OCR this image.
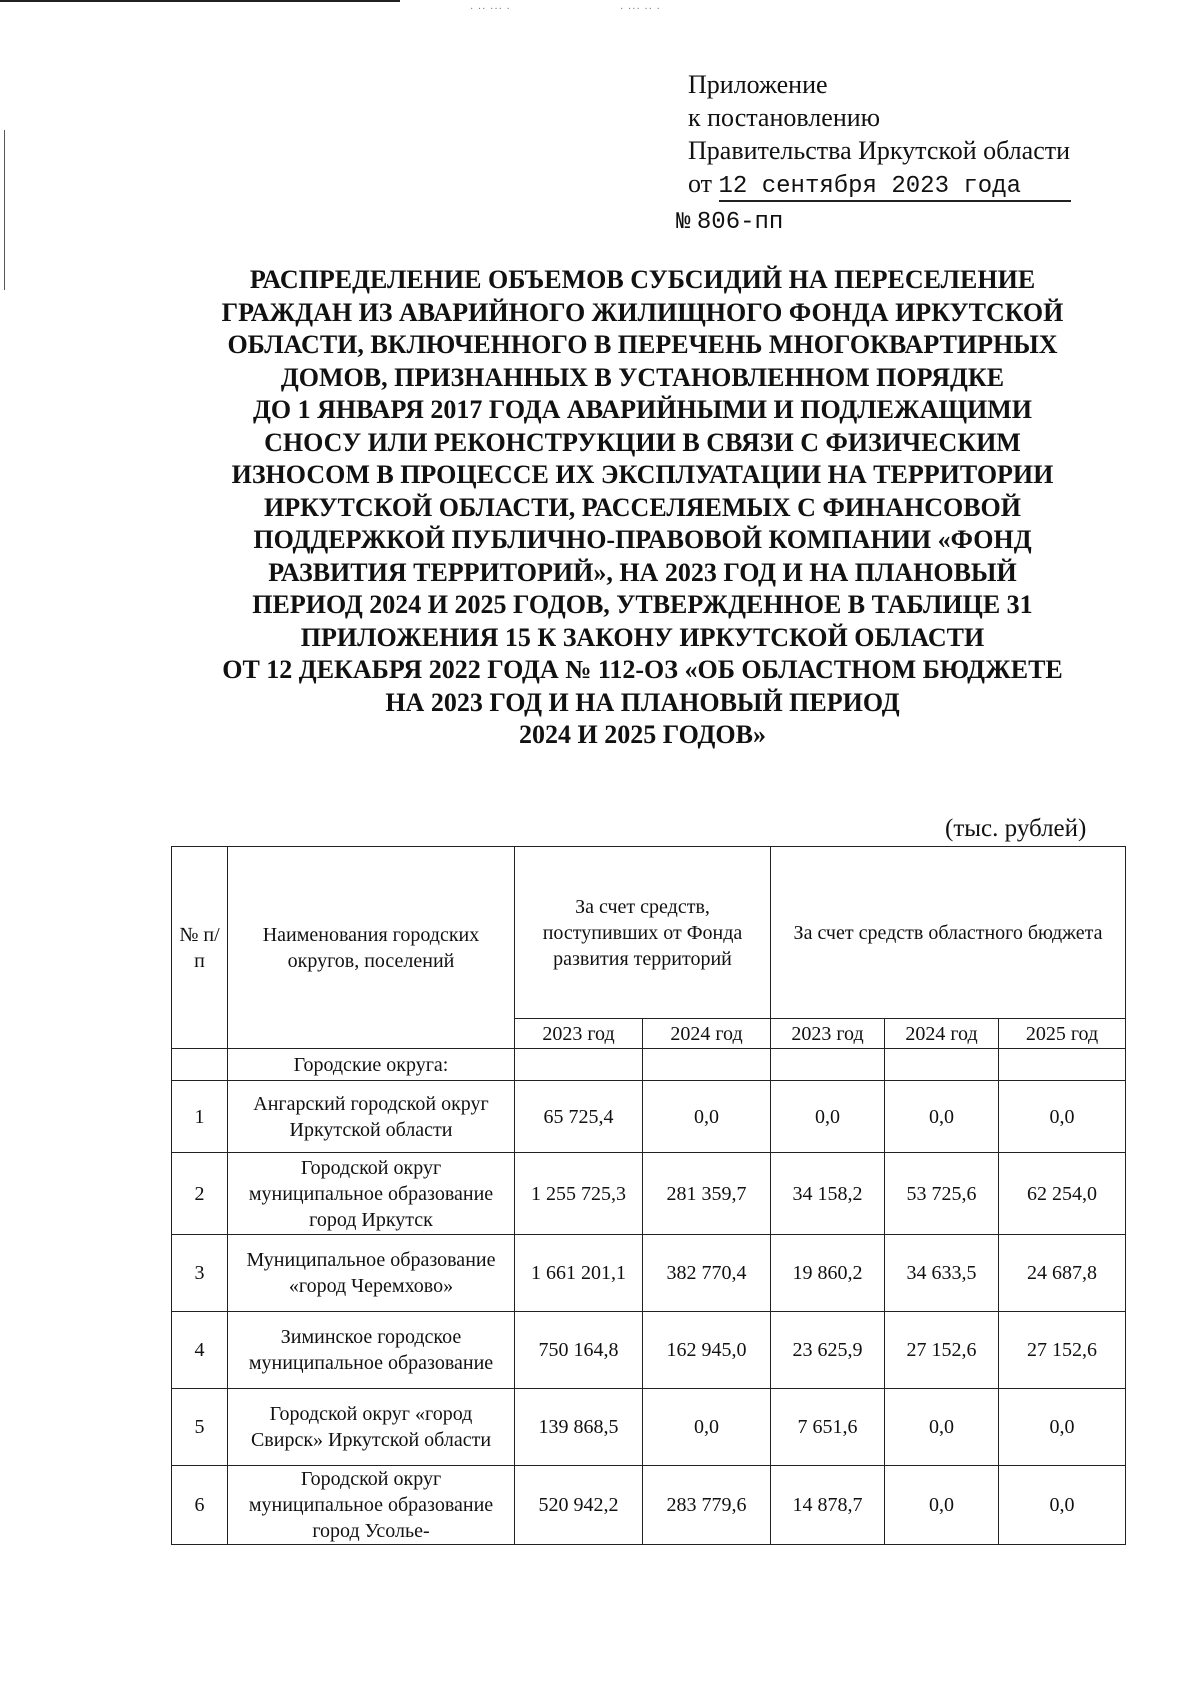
· ·· ··· ·	· ··· ·· ·
Приложение
к постановлению
Правительства Иркутской области
от 12 сентября 2023 года
№ 806-пп
РАСПРЕДЕЛЕНИЕ ОБЪЕМОВ СУБСИДИЙ НА ПЕРЕСЕЛЕНИЕ
ГРАЖДАН ИЗ АВАРИЙНОГО ЖИЛИЩНОГО ФОНДА ИРКУТСКОЙ
ОБЛАСТИ, ВКЛЮЧЕННОГО В ПЕРЕЧЕНЬ МНОГОКВАРТИРНЫХ
ДОМОВ, ПРИЗНАННЫХ В УСТАНОВЛЕННОМ ПОРЯДКЕ
ДО 1 ЯНВАРЯ 2017 ГОДА АВАРИЙНЫМИ И ПОДЛЕЖАЩИМИ
СНОСУ ИЛИ РЕКОНСТРУКЦИИ В СВЯЗИ С ФИЗИЧЕСКИМ
ИЗНОСОМ В ПРОЦЕССЕ ИХ ЭКСПЛУАТАЦИИ НА ТЕРРИТОРИИ
ИРКУТСКОЙ ОБЛАСТИ, РАССЕЛЯЕМЫХ С ФИНАНСОВОЙ
ПОДДЕРЖКОЙ ПУБЛИЧНО-ПРАВОВОЙ КОМПАНИИ «ФОНД
РАЗВИТИЯ ТЕРРИТОРИЙ», НА 2023 ГОД И НА ПЛАНОВЫЙ
ПЕРИОД 2024 И 2025 ГОДОВ, УТВЕРЖДЕННОЕ В ТАБЛИЦЕ 31
ПРИЛОЖЕНИЯ 15 К ЗАКОНУ ИРКУТСКОЙ ОБЛАСТИ
ОТ 12 ДЕКАБРЯ 2022 ГОДА № 112-ОЗ «ОБ ОБЛАСТНОМ БЮДЖЕТЕ
НА 2023 ГОД И НА ПЛАНОВЫЙ ПЕРИОД
2024 И 2025 ГОДОВ»
(тыс. рублей)
№ п/п	Наименования городских округов, поселений	За счет средств, поступивших от Фонда развития территорий		За счет средств областного бюджета		
		2023 год	2024 год	2023 год	2024 год	2025 год
	Городские округа:					
1	Ангарский городской округ Иркутской области	65 725,4	0,0	0,0	0,0	0,0
2	Городской округ муниципальное образование город Иркутск	1 255 725,3	281 359,7	34 158,2	53 725,6	62 254,0
3	Муниципальное образование «город Черемхово»	1 661 201,1	382 770,4	19 860,2	34 633,5	24 687,8
4	Зиминское городское муниципальное образование	750 164,8	162 945,0	23 625,9	27 152,6	27 152,6
5	Городской округ «город Свирск» Иркутской области	139 868,5	0,0	7 651,6	0,0	0,0
6	Городской округ муниципальное образование город Усолье-	520 942,2	283 779,6	14 878,7	0,0	0,0
